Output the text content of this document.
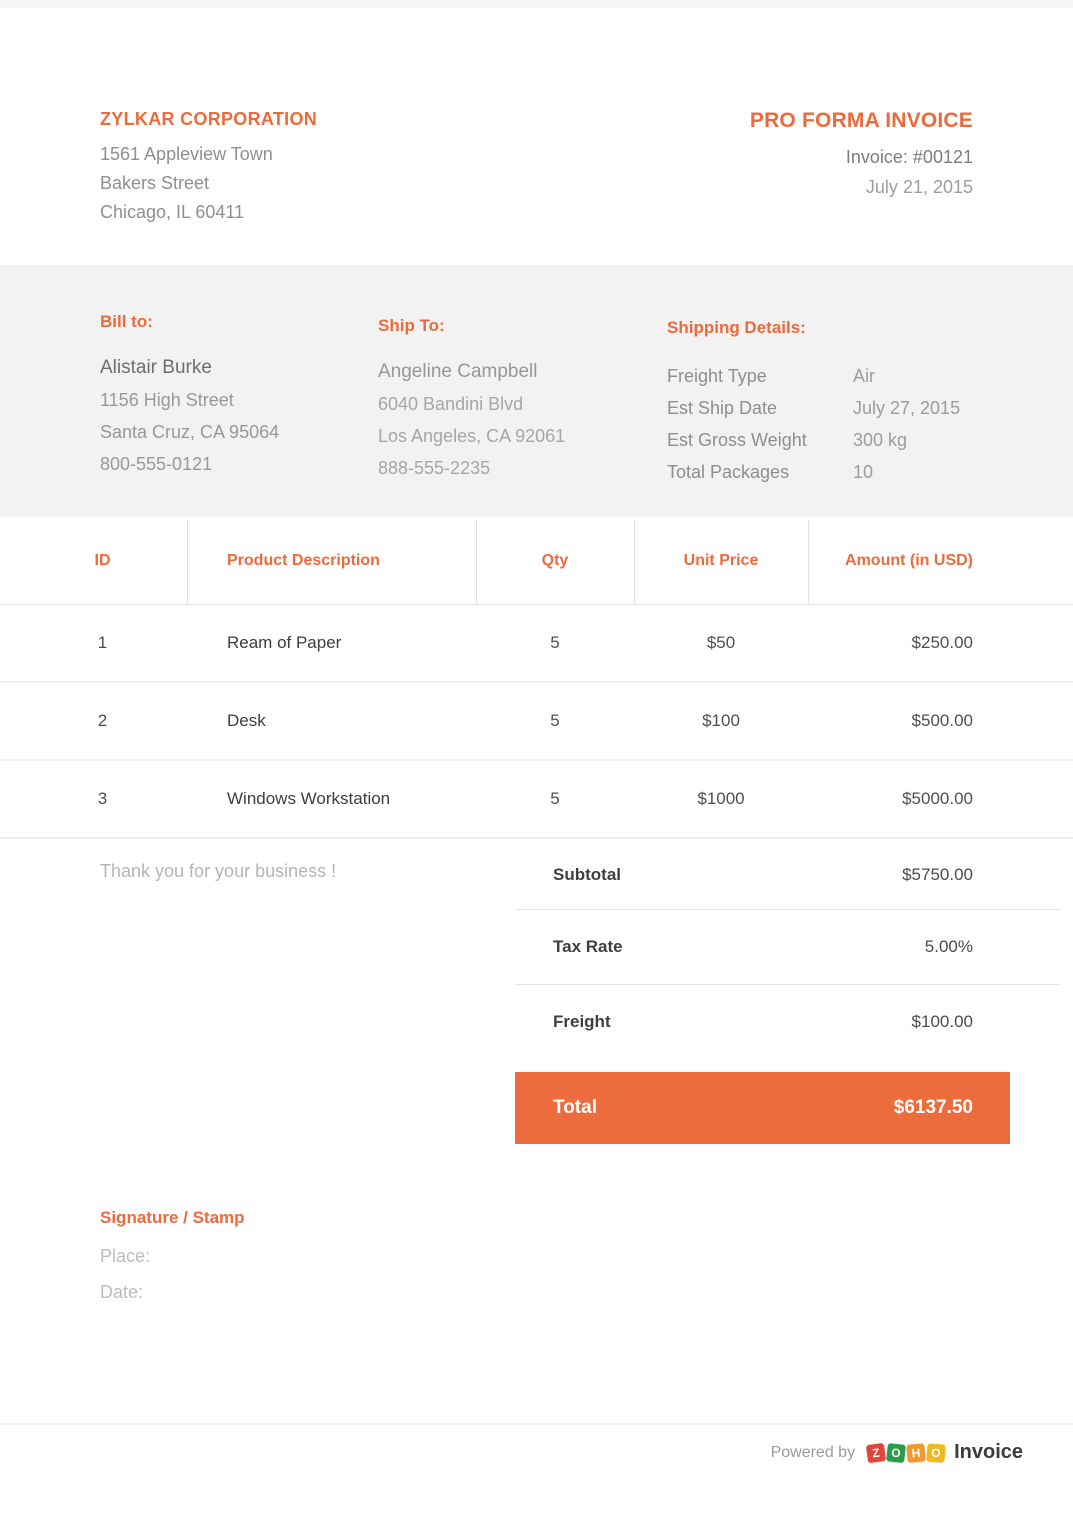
ZYLKAR CORPORATION
1561 Appleview Town
Bakers Street
Chicago, IL 60411
PRO FORMA INVOICE
Invoice: #00121
July 21, 2015
Bill to:
Alistair Burke
1156 High Street
Santa Cruz, CA 95064
800-555-0121
Ship To:
Angeline Campbell
6040 Bandini Blvd
Los Angeles, CA 92061
888-555-2235
Shipping Details:
Freight Type	Air
Est Ship Date	July 27, 2015
Est Gross Weight	300 kg
Total Packages	10
ID	Product Description	Qty	Unit Price	Amount (in USD)
1	Ream of Paper	5	$50	$250.00
2	Desk	5	$100	$500.00
3	Windows Workstation	5	$1000	$5000.00
Thank you for your business !	Subtotal	$5750.00
Tax Rate	5.00%
Freight	$100.00
Total	$6137.50
Signature / Stamp
Place:
Date:
Powered by	Z O H O Invoice
